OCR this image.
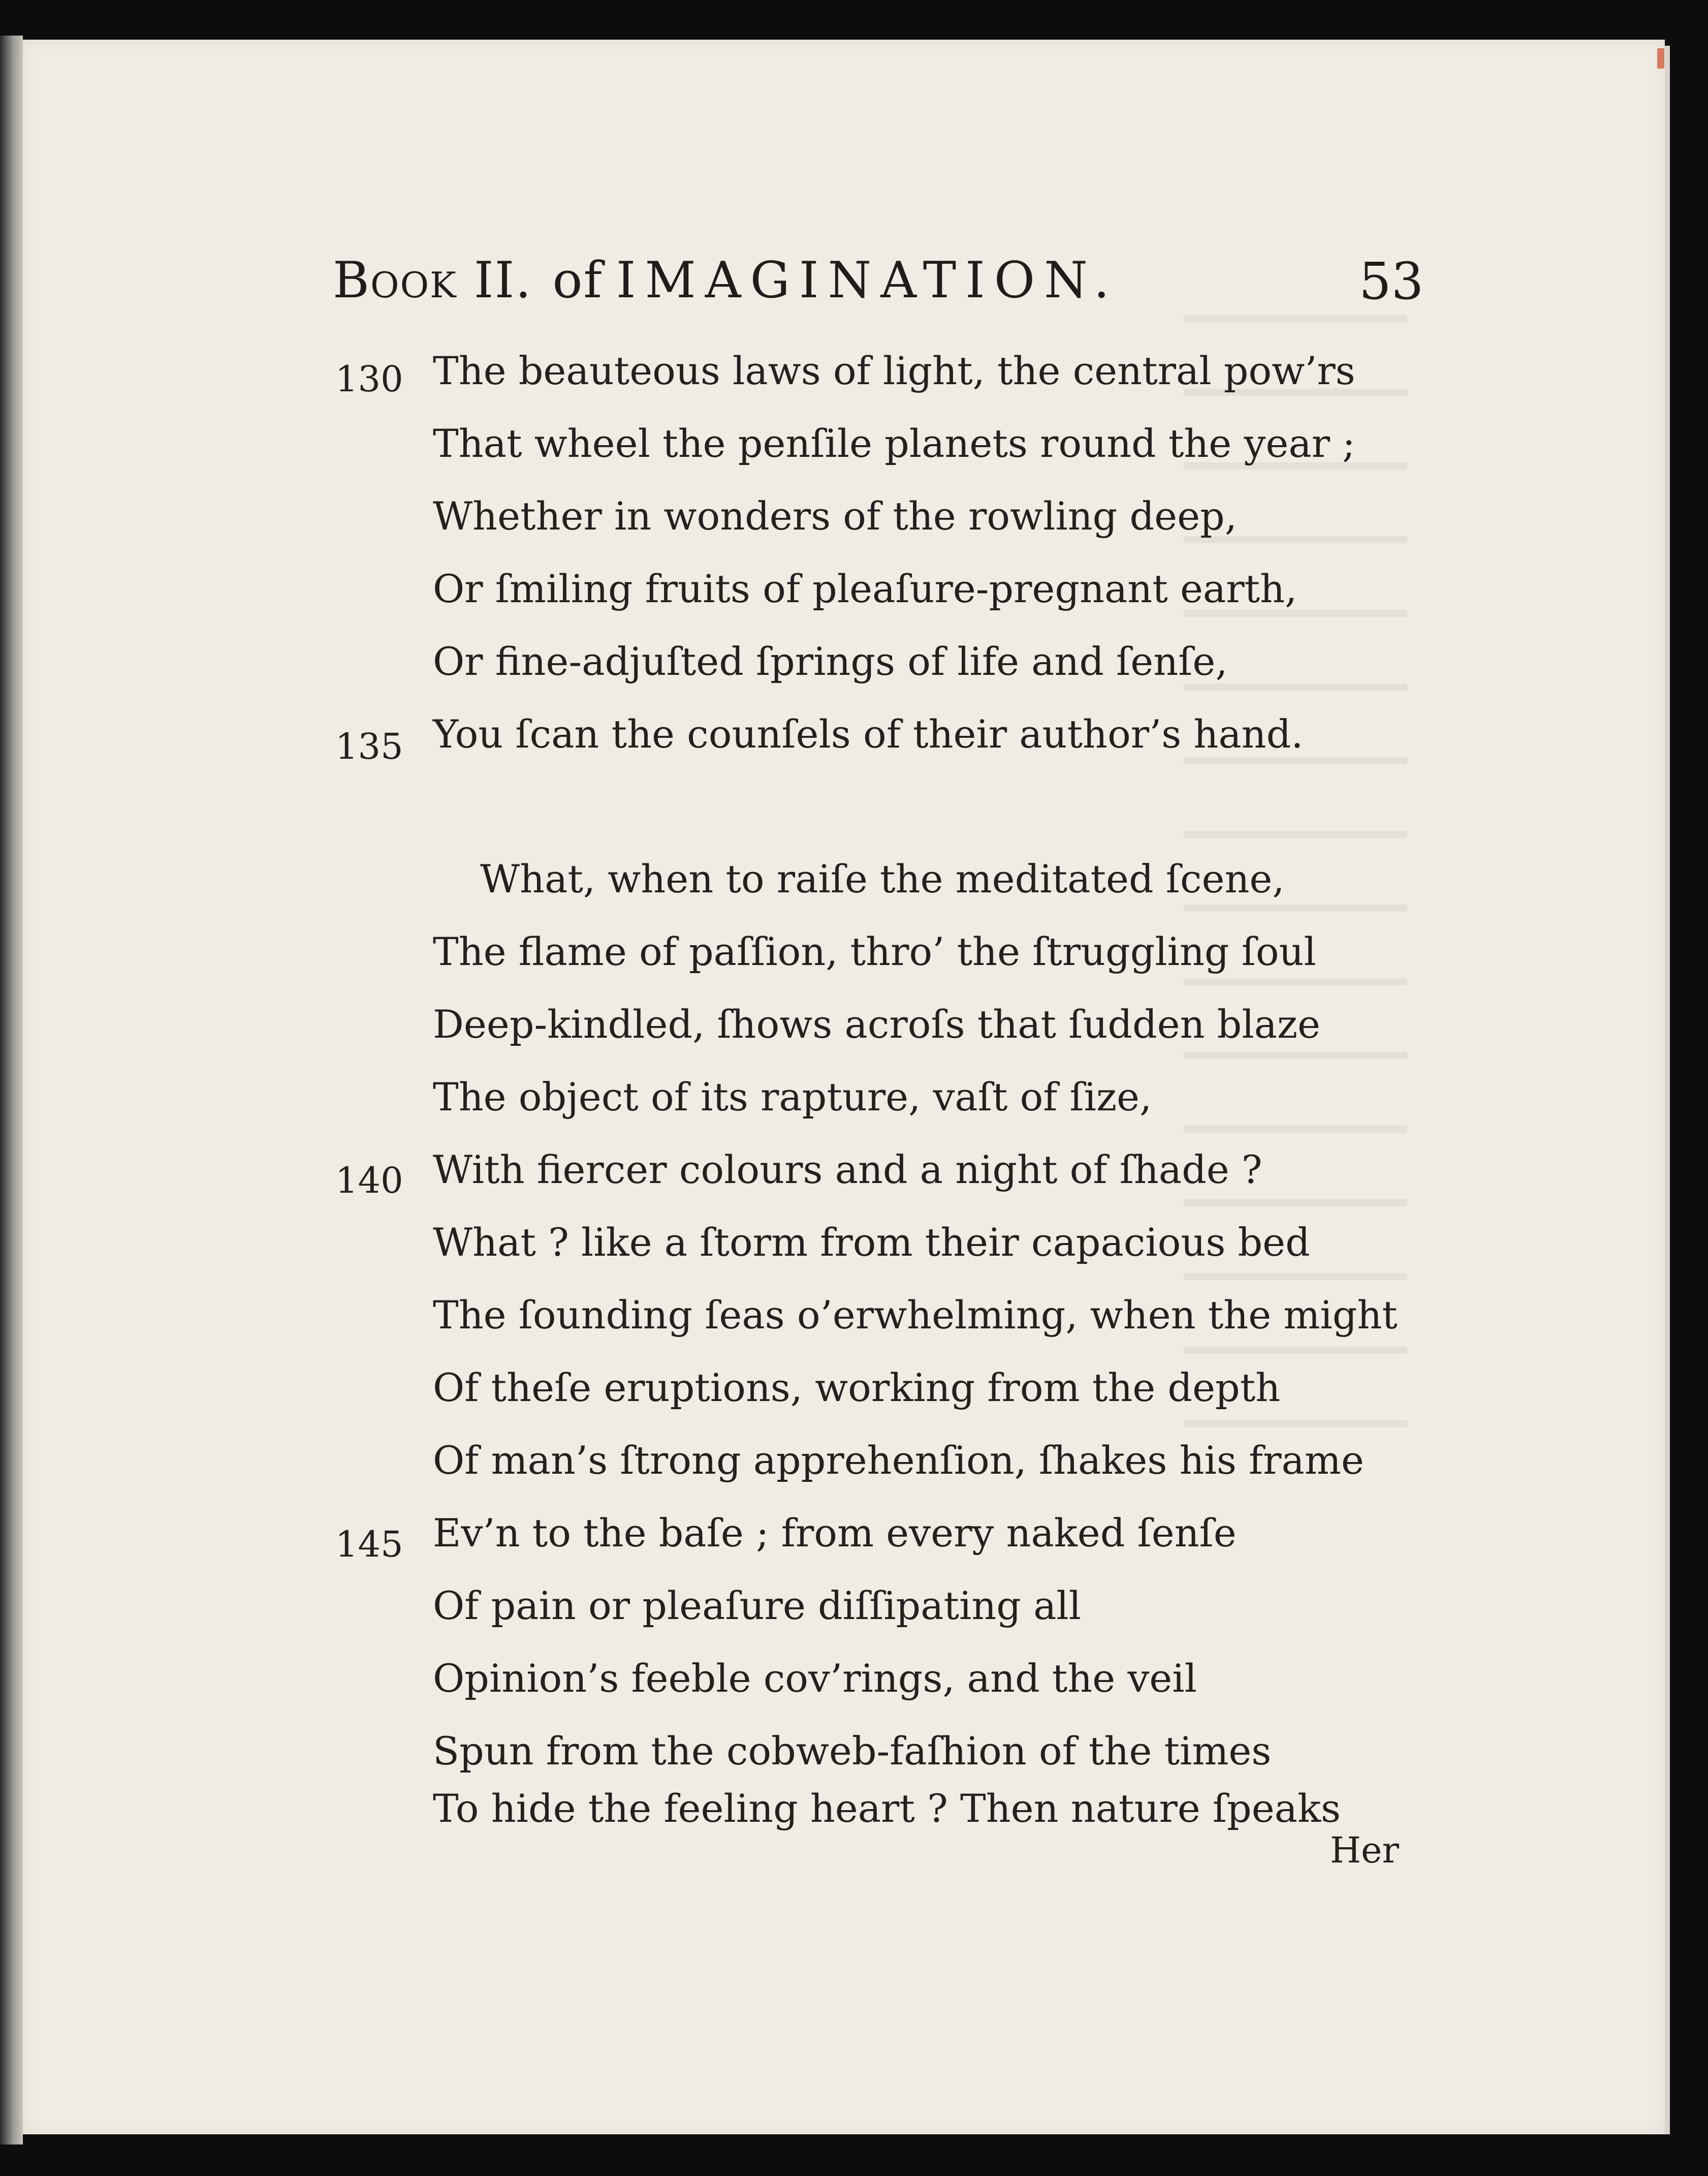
Book II. of IMAGINATION.	53
The beauteous laws of light, the central pow’rs
130
That wheel the penſile planets round the year ;
Whether in wonders of the rowling deep,
Or ſmiling fruits of pleaſure-pregnant earth,
Or fine-adjuſted ſprings of life and ſenſe,
You ſcan the counſels of their author’s hand.
135
What, when to raiſe the meditated ſcene,
The flame of paſſion, thro’ the ſtruggling ſoul
Deep-kindled, ſhows acroſs that ſudden blaze
The object of its rapture, vaſt of ſize,
With fiercer colours and a night of ſhade ?
140
What ? like a ſtorm from their capacious bed
The ſounding ſeas o’erwhelming, when the might
Of theſe eruptions, working from the depth
Of man’s ſtrong apprehenſion, ſhakes his frame
Ev’n to the baſe ; from every naked ſenſe
145
Of pain or pleaſure diſſipating all
Opinion’s feeble cov’rings, and the veil
Spun from the cobweb-faſhion of the times
To hide the feeling heart ? Then nature ſpeaks
Her
